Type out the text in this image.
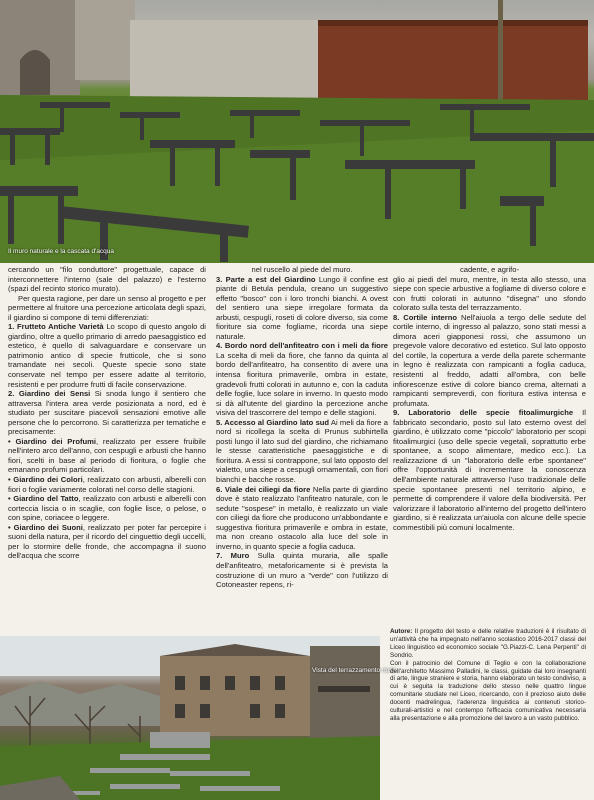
Il muro naturale e la cascata d'acqua

cercando un "filo conduttore" progettuale, capace di interconnettere l'interno (sale del palazzo) e l'esterno (spazi del recinto storico murato).

Per questa ragione, per dare un senso al progetto e per permettere al fruitore una percezione articolata degli spazi, il giardino si compone di temi differenziati:

1. Frutteto Antiche Varietà Lo scopo di questo angolo di giardino, oltre a quello primario di arredo paesaggistico ed estetico, è quello di salvaguardare e conservare un patrimonio antico di specie frutticole, che si sono tramandate nei secoli. Queste specie sono state conservate nel tempo per essere adatte al territorio, resistenti e per produrre frutti di facile conservazione.

2. Giardino dei Sensi Si snoda lungo il sentiero che attraversa l'intera area verde posizionata a nord, ed è studiato per suscitare piacevoli sensazioni emotive alle persone che lo percorrono. Si caratterizza per tematiche e precisamente:

• Giardino dei Profumi, realizzato per essere fruibile nell'intero arco dell'anno, con cespugli e arbusti che hanno fiori, scelti in base al periodo di fioritura, o foglie che emanano profumi particolari.

• Giardino dei Colori, realizzato con arbusti, alberelli con fiori o foglie variamente colorati nel corso delle stagioni.

• Giardino del Tatto, realizzato con arbusti e alberelli con corteccia liscia o in scaglie, con foglie lisce, o pelose, o con spine, coriacee o leggere.

• Giardino dei Suoni, realizzato per poter far percepire i suoni della natura, per il ricordo del cinguettio degli uccelli, per lo stormire delle fronde, che accompagna il suono dell'acqua che scorre

nel ruscello al piede del muro.

3. Parte a est del Giardino Lungo il confine est piante di Betula pendula, creano un suggestivo effetto "bosco" con i loro tronchi bianchi. A ovest del sentiero una siepe irregolare formata da arbusti, cespugli, roseti di colore diverso, sia come fioriture sia come fogliame, ricorda una siepe naturale.

4. Bordo nord dell'anfiteatro con i meli da fiore La scelta di meli da fiore, che fanno da quinta al bordo dell'anfiteatro, ha consentito di avere una intensa fioritura primaverile, ombra in estate, gradevoli frutti colorati in autunno e, con la caduta delle foglie, luce solare in inverno. In questo modo si dà all'utente del giardino la percezione anche visiva del trascorrere del tempo e delle stagioni.

5. Accesso al Giardino lato sud Ai meli da fiore a nord si ricollega la scelta di Prunus subhirtella posti lungo il lato sud del giardino, che richiamano le stesse caratteristiche paesaggistiche e di fioritura. A essi si contrappone, sul lato opposto del vialetto, una siepe a cespugli ornamentali, con fiori bianchi e bacche rosse.

6. Viale dei ciliegi da fiore Nella parte di giardino dove è stato realizzato l'anfiteatro naturale, con le sedute "sospese" in metallo, è realizzato un viale con ciliegi da fiore che producono un'abbondante e suggestiva fioritura primaverile e ombra in estate, ma non creano ostacolo alla luce del sole in inverno, in quanto specie a foglia caduca.

7. Muro Sulla quinta muraria, alle spalle dell'anfiteatro, metaforicamente si è prevista la costruzione di un muro a "verde" con l'utilizzo di Cotoneaster repens, ri-

cadente, e agrifo-

glio ai piedi del muro, mentre, in testa allo stesso, una siepe con specie arbustive a fogliame di diverso colore e con frutti colorati in autunno "disegna" uno sfondo colorato sulla testa del terrazzamento.

8. Cortile interno Nell'aiuola a tergo delle sedute del cortile interno, di ingresso al palazzo, sono stati messi a dimora aceri giapponesi rossi, che assumono un pregevole valore decorativo ed estetico. Sul lato opposto del cortile, la copertura a verde della parete schermante in legno è realizzata con rampicanti a foglia caduca, resistenti al freddo, adatti all'ombra, con belle infiorescenze estive di colore bianco crema, alternati a rampicanti sempreverdi, con fioritura estiva intensa e profumata.

9. Laboratorio delle specie fitoalimurgiche Il fabbricato secondario, posto sul lato esterno ovest del giardino, è utilizzato come "piccolo" laboratorio per scopi fitoalimurgici (uso delle specie vegetali, soprattutto erbe spontanee, a scopo alimentare, medico ecc.). La realizzazione di un "laboratorio delle erbe spontanee" offre l'opportunità di incrementare la conoscenza dell'ambiente naturale attraverso l'uso tradizionale delle specie spontanee presenti nel territorio alpino, e permette di comprendere il valore della biodiversità. Per valorizzare il laboratorio all'interno del progetto dell'intero giardino, si è realizzata un'aiuola con alcune delle specie commestibili più comuni localmente.

Vista del terrazzamento nord

Autore: Il progetto del testo e delle relative traduzioni è il risultato di un'attività che ha impegnato nell'anno scolastico 2016-2017 classi del Liceo linguistico ed economico sociale "G.Piazzi-C. Lena Perpenti" di Sondrio.

Con il patrocinio del Comune di Teglio e con la collaborazione dell'architetto Massimo Palladini, le classi, guidate dai loro insegnanti di arte, lingue straniere e storia, hanno elaborato un testo condiviso, a cui è seguita la traduzione dello stesso nelle quattro lingue comunitarie studiate nel Liceo, ricercando, con il prezioso aiuto delle docenti madrelingua, l'aderenza linguistica ai contenuti storico-culturali-artistici e nel contempo l'efficacia comunicativa necessaria alla presentazione e alla promozione del lavoro a un vasto pubblico.
